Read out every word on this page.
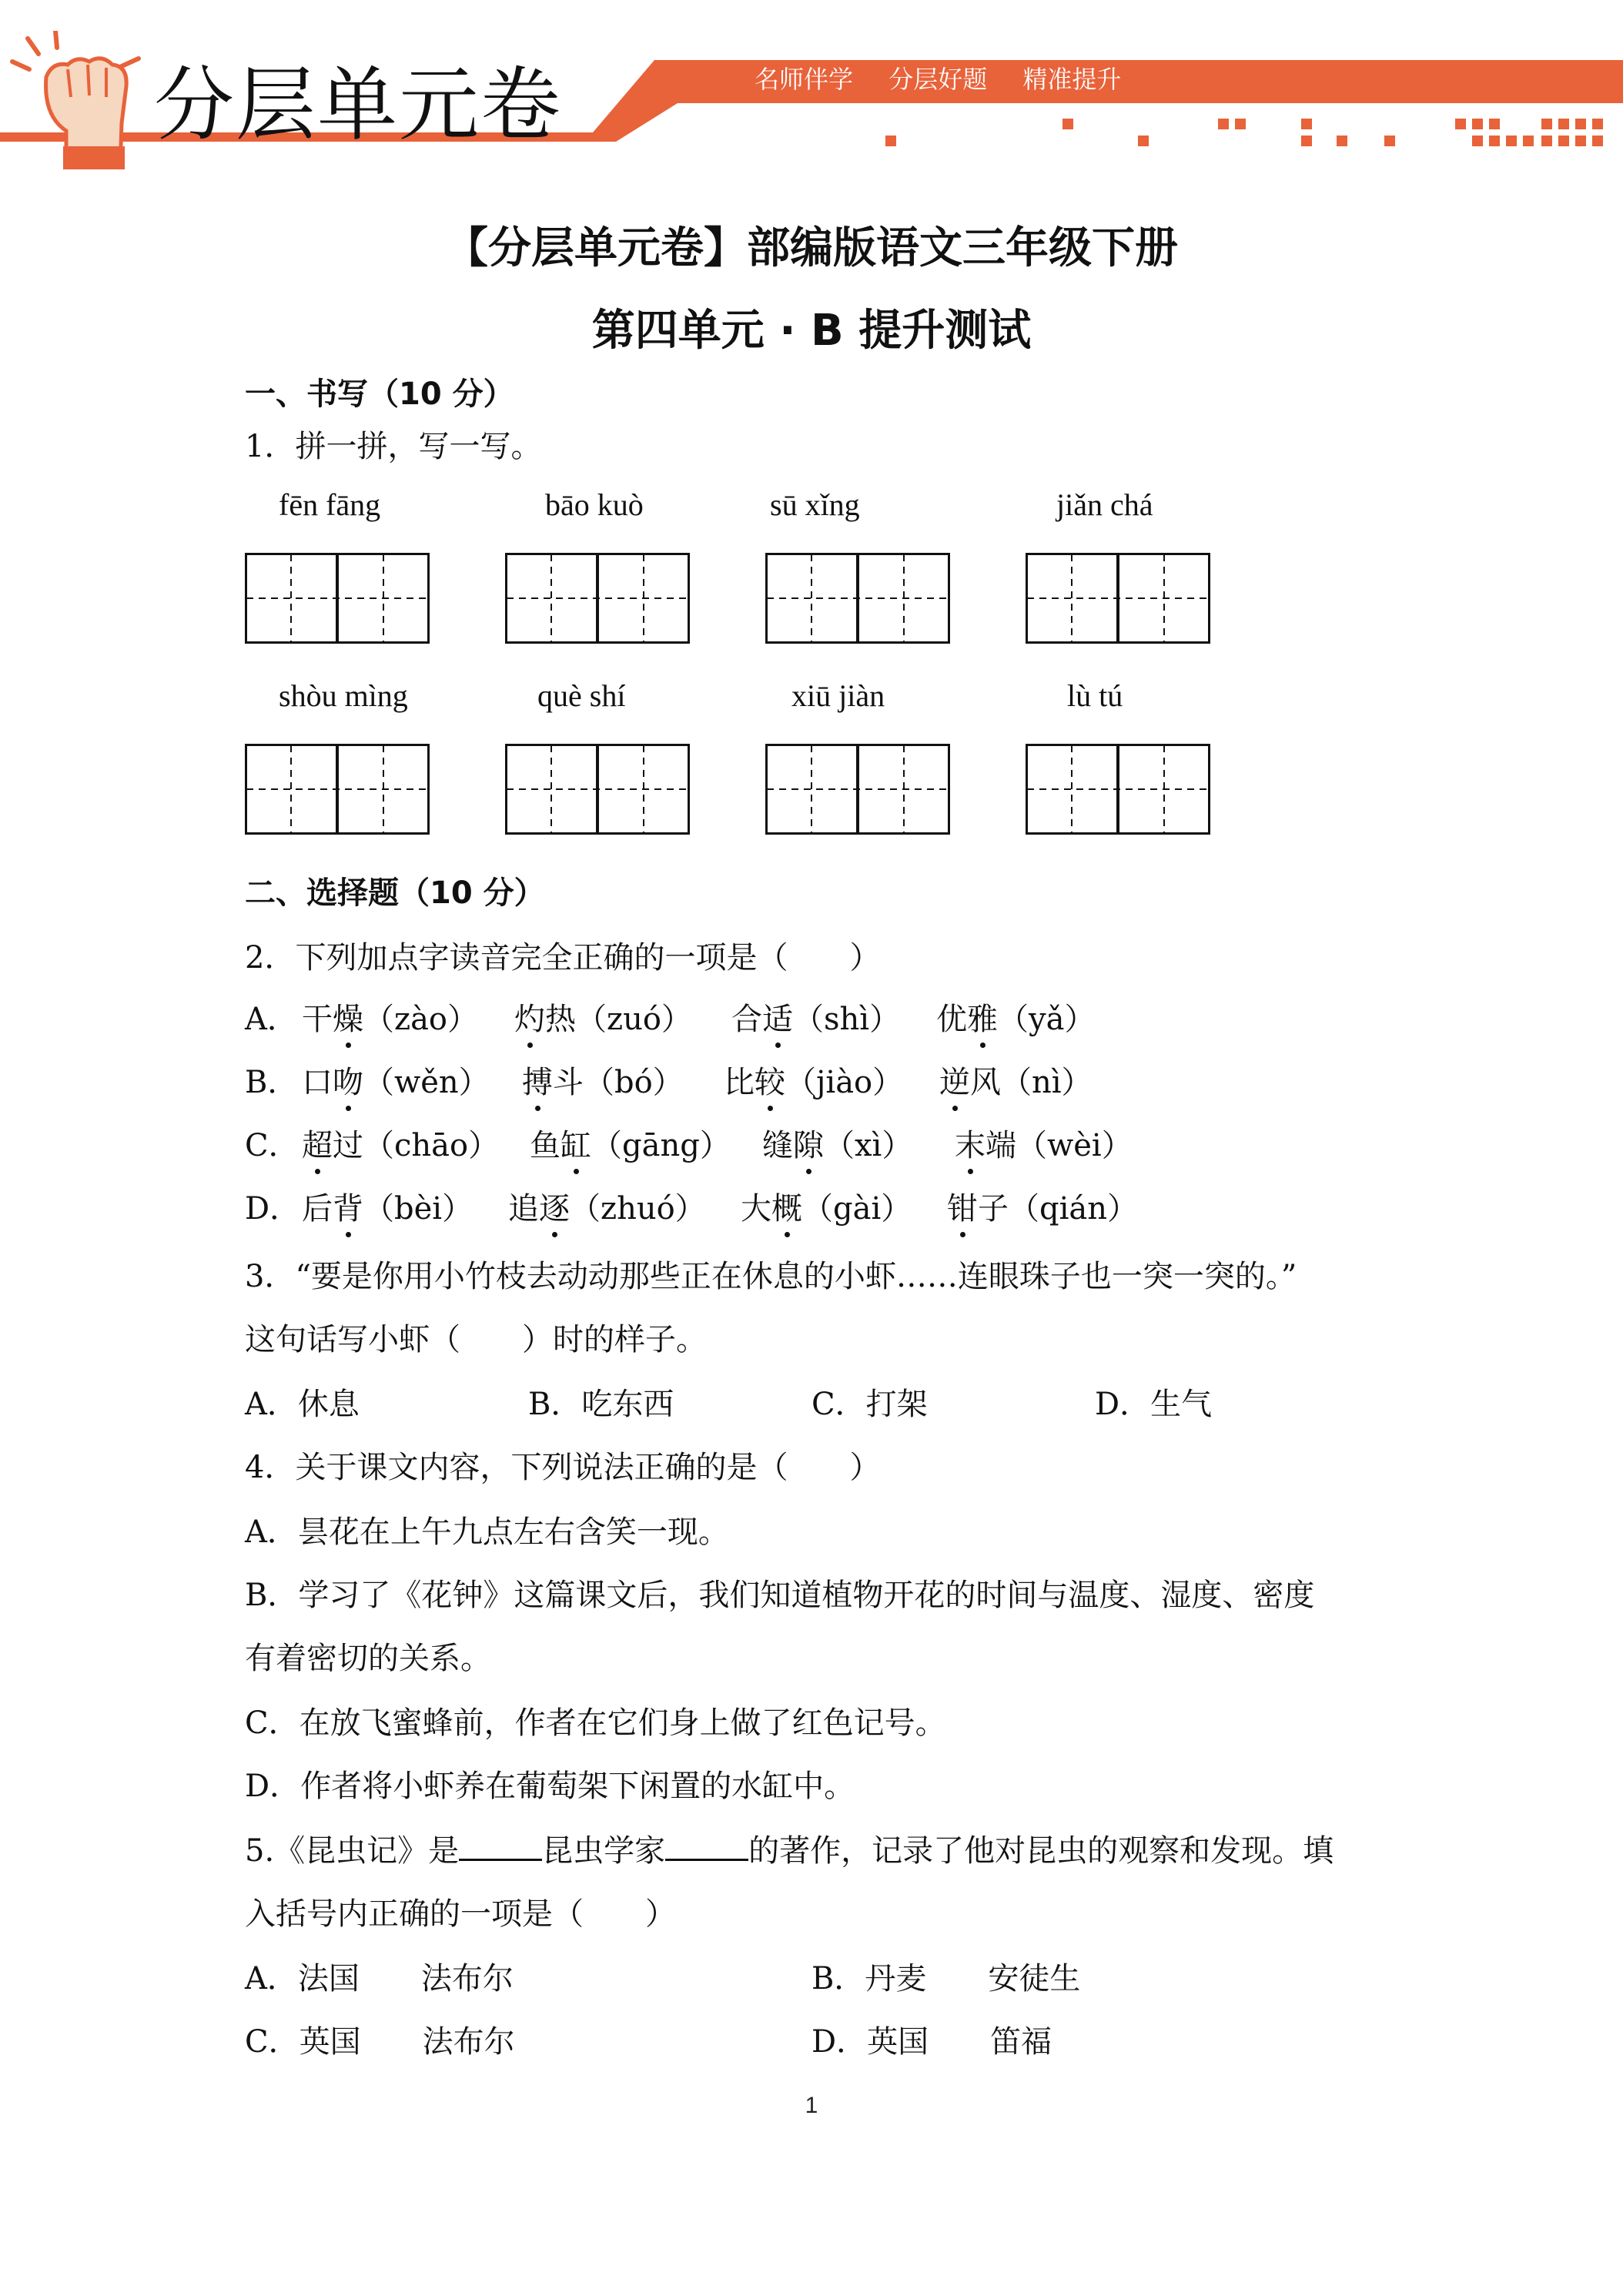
分层单元卷	名师伴学 分层好题 精准提升
【分层单元卷】部编版语文三年级下册
第四单元 · B 提升测试
一、书写（10 分）
1．拼一拼，写一写。
fēn fāng	bāo kuò	sū xǐng	jiǎn chá
shòu mìng	què shí	xiū jiàn	lù tú
二、选择题（10 分）
2．下列加点字读音完全正确的一项是（　　）
A． 干燥（zào） 灼热（zuó） 合适（shì） 优雅（yǎ）
B． 口吻（wěn） 搏斗（bó） 比较（jiào） 逆风（nì）
C． 超过（chāo） 鱼缸（gāng） 缝隙（xì） 末端（wèi）
D． 后背（bèi） 追逐（zhuó） 大概（gài） 钳子（qián）
3．“要是你用小竹枝去动动那些正在休息的小虾……连眼珠子也一突一突的。”
这句话写小虾（　　）时的样子。
A．休息	B．吃东西	C．打架	D．生气
4．关于课文内容，下列说法正确的是（　　）
A．昙花在上午九点左右含笑一现。
B．学习了《花钟》这篇课文后，我们知道植物开花的时间与温度、湿度、密度
有着密切的关系。
C．在放飞蜜蜂前，作者在它们身上做了红色记号。
D．作者将小虾养在葡萄架下闲置的水缸中。
5.《昆虫记》是	昆虫学家	的著作，记录了他对昆虫的观察和发现。填
入括号内正确的一项是（　　）
A．法国　　法布尔	B．丹麦　　安徒生
C．英国　　法布尔	D．英国　　笛福
1
